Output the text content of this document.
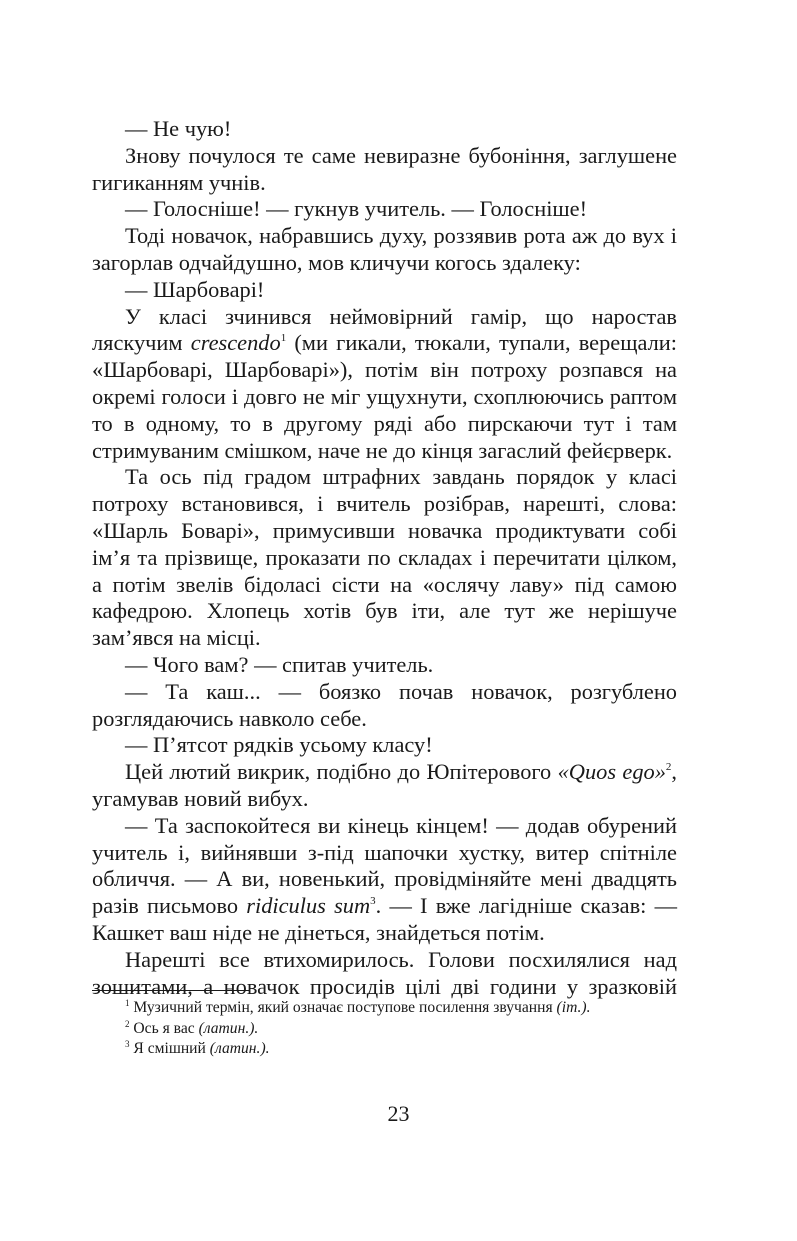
— Не чую!

Знову почулося те саме невиразне бубоніння, заглушене гигиканням учнів.

— Голосніше! — гукнув учитель. — Голосніше!

Тоді новачок, набравшись духу, роззявив рота аж до вух і загорлав одчайдушно, мов кличучи когось здалеку:

— Шарбоварі!

У класі зчинився неймовірний гамір, що наростав ляскучим crescendo$^1$ (ми гикали, тюкали, тупали, верещали: «Шарбоварі, Шарбоварі»), потім він потроху розпався на окремі голоси і довго не міг ущухнути, схоплюючись раптом то в одному, то в другому ряді або пирскаючи тут і там стримуваним смішком, наче не до кінця загаслий фейєрверк.

Та ось під градом штрафних завдань порядок у класі потроху встановився, і вчитель розібрав, нарешті, слова: «Шарль Боварі», примусивши новачка продиктувати собі ім’я та прізвище, проказати по складах і перечитати цілком, а потім звелів бідоласі сісти на «ослячу лаву» під самою кафедрою. Хлопець хотів був іти, але тут же нерішуче зам’явся на місці.

— Чого вам? — спитав учитель.

— Та каш... — боязко почав новачок, розгублено розглядаючись навколо себе.

— П’ятсот рядків усьому класу!

Цей лютий викрик, подібно до Юпітерового «Quos ego»$^2$, угамував новий вибух.

— Та заспокойтеся ви кінець кінцем! — додав обурений учитель і, вийнявши з-під шапочки хустку, витер спітніле обличчя. — А ви, новенький, провідміняйте мені двадцять разів письмово ridiculus sum$^3$. — І вже лагідніше сказав: — Кашкет ваш ніде не дінеться, знайдеться потім.

Нарешті все втихомирилось. Голови посхилялися над зошитами, а новачок просидів цілі дві години у зразковій

$^1$ Музичний термін, який означає поступове посилення звучання (іт.).

$^2$ Ось я вас (латин.).

$^3$ Я смішний (латин.).

23
